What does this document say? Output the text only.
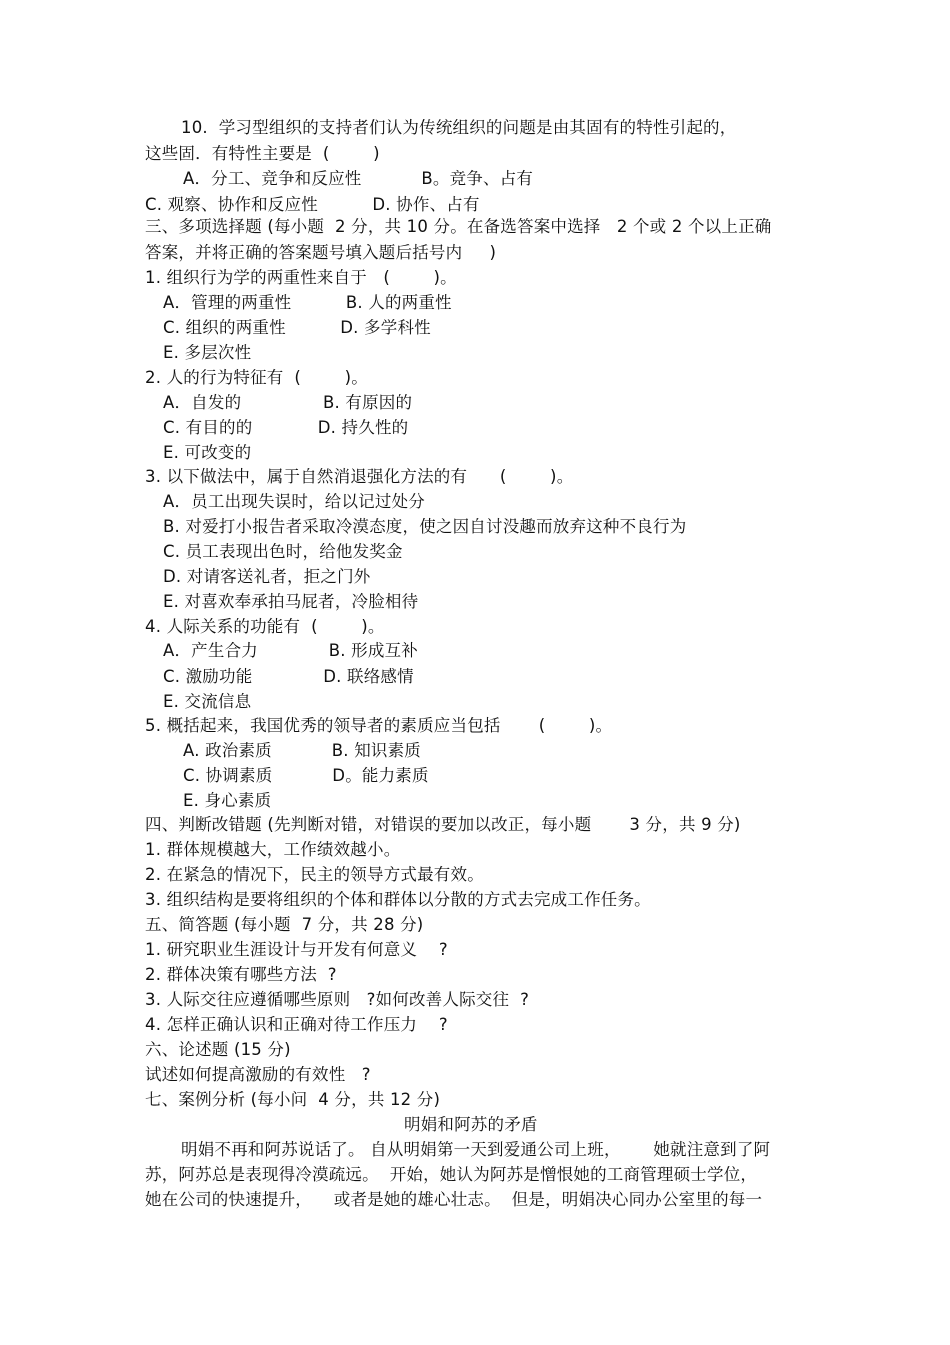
10.  学习型组织的支持者们认为传统组织的问题是由其固有的特性引起的，
这些固．有特性主要是  (        )
A．分工、竞争和反应性           B。竞争、占有
C. 观察、协作和反应性          D. 协作、占有
三、多项选择题 (每小题  2 分，共 10 分。在备选答案中选择   2 个或 2 个以上正确
答案，并将正确的答案题号填入题后括号内     )
1. 组织行为学的两重性来自于   (        )。
A．管理的两重性          B. 人的两重性
C. 组织的两重性          D. 多学科性
E. 多层次性
2. 人的行为特征有  (        )。
A．自发的               B. 有原因的
C. 有目的的            D. 持久性的
E. 可改变的
3. 以下做法中，属于自然消退强化方法的有      (        )。
A．员工出现失误时，给以记过处分
B. 对爱打小报告者采取冷漠态度，使之因自讨没趣而放弃这种不良行为
C. 员工表现出色时，给他发奖金
D. 对请客送礼者，拒之门外
E. 对喜欢奉承拍马屁者，冷脸相待
4. 人际关系的功能有  (        )。
A．产生合力             B. 形成互补
C. 激励功能             D. 联络感情
E. 交流信息
5. 概括起来，我国优秀的领导者的素质应当包括       (        )。
A. 政治素质           B. 知识素质
C. 协调素质           D。能力素质
E. 身心素质
四、判断改错题 (先判断对错，对错误的要加以改正，每小题       3 分，共 9 分)
1. 群体规模越大，工作绩效越小。
2. 在紧急的情况下，民主的领导方式最有效。
3. 组织结构是要将组织的个体和群体以分散的方式去完成工作任务。
五、简答题 (每小题  7 分，共 28 分)
1. 研究职业生涯设计与开发有何意义    ?
2. 群体决策有哪些方法  ?
3. 人际交往应遵循哪些原则   ?如何改善人际交往  ?
4. 怎样正确认识和正确对待工作压力    ?
六、论述题 (15 分)
试述如何提高激励的有效性   ?
七、案例分析 (每小问  4 分，共 12 分)
明娟和阿苏的矛盾
明娟不再和阿苏说话了。 自从明娟第一天到爱通公司上班，      她就注意到了阿
苏，阿苏总是表现得冷漠疏远。  开始，她认为阿苏是憎恨她的工商管理硕士学位，
她在公司的快速提升，    或者是她的雄心壮志。  但是，明娟决心同办公室里的每一
